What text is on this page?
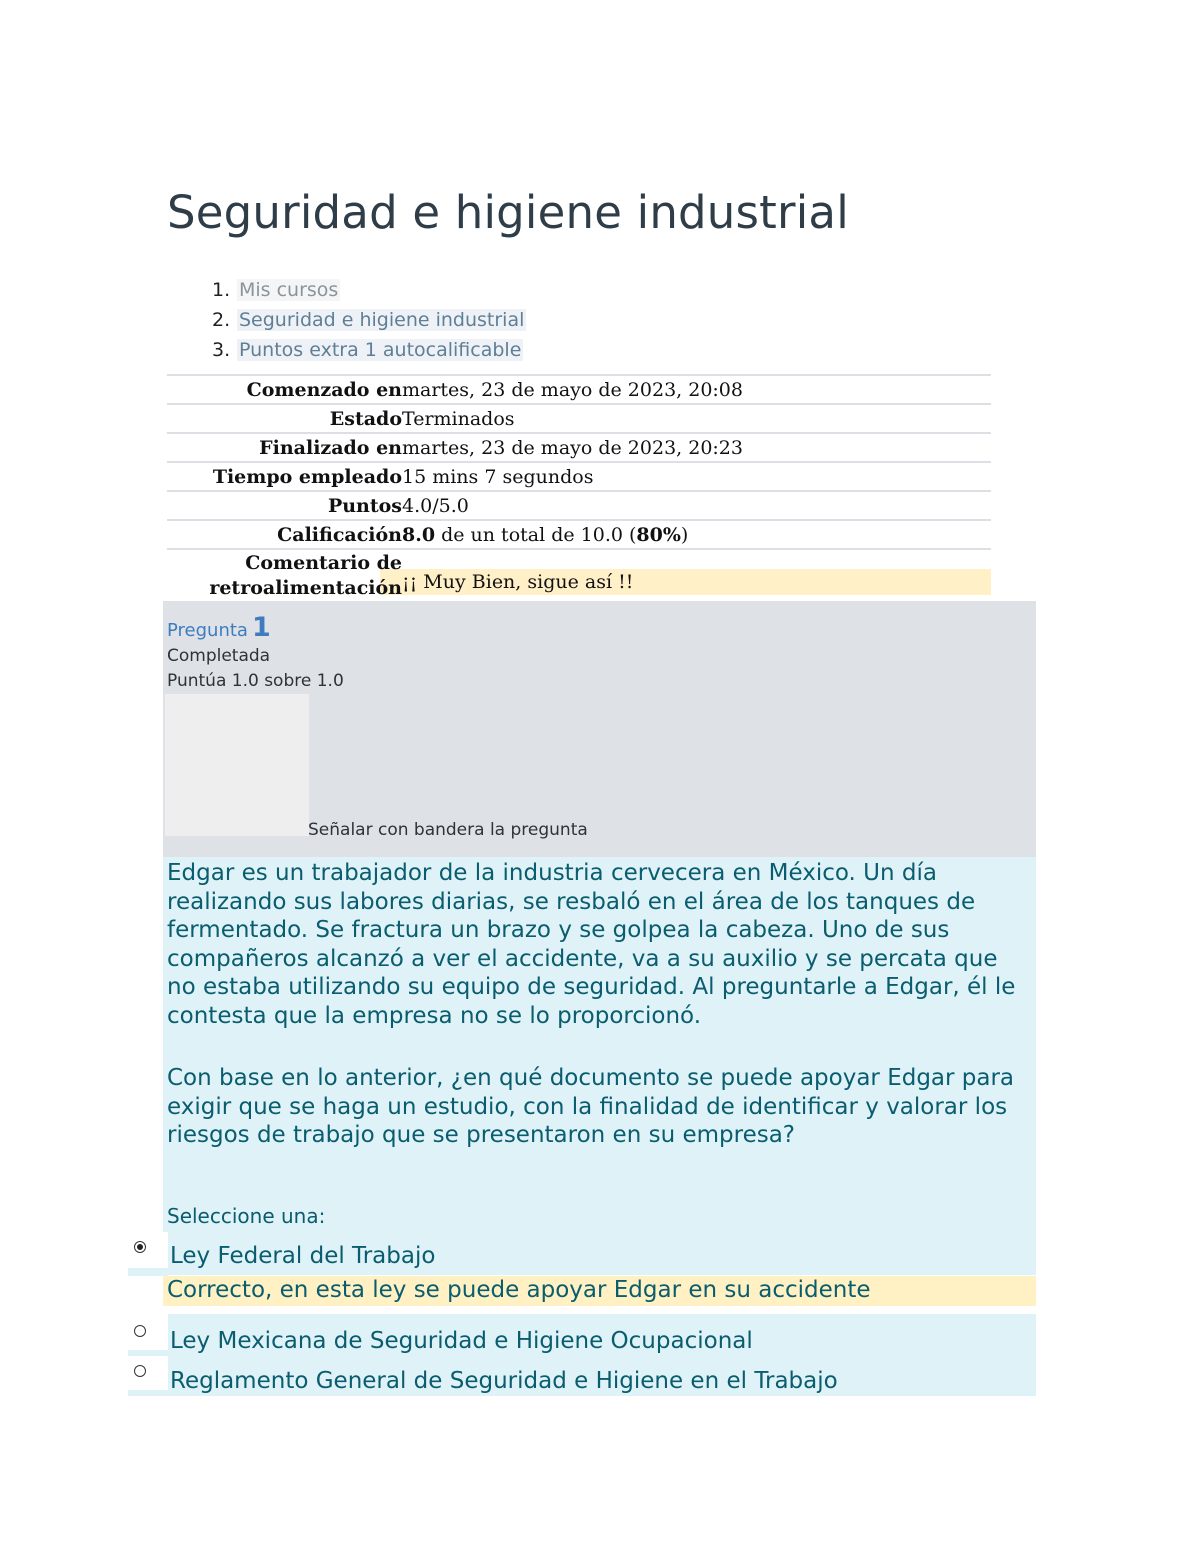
Seguridad e higiene industrial
1. Mis cursos
2. Seguridad e higiene industrial
3. Puntos extra 1 autocalificable
Comenzado en	martes, 23 de mayo de 2023, 20:08
Estado	Terminados
Finalizado en	martes, 23 de mayo de 2023, 20:23
Tiempo empleado	15 mins 7 segundos
Puntos	4.0/5.0
Calificación	8.0 de un total de 10.0 (80%)
Comentario de retroalimentación	¡¡ Muy Bien, sigue así !!
Pregunta 1
Completada
Puntúa 1.0 sobre 1.0
Señalar con bandera la pregunta

Edgar es un trabajador de la industria cervecera en México. Un día realizando sus labores diarias, se resbaló en el área de los tanques de fermentado. Se fractura un brazo y se golpea la cabeza. Uno de sus compañeros alcanzó a ver el accidente, va a su auxilio y se percata que no estaba utilizando su equipo de seguridad. Al preguntarle a Edgar, él le contesta que la empresa no se lo proporcionó.

Con base en lo anterior, ¿en qué documento se puede apoyar Edgar para exigir que se haga un estudio, con la finalidad de identificar y valorar los riesgos de trabajo que se presentaron en su empresa?

Seleccione una:
Ley Federal del Trabajo
Correcto, en esta ley se puede apoyar Edgar en su accidente
Ley Mexicana de Seguridad e Higiene Ocupacional
Reglamento General de Seguridad e Higiene en el Trabajo
